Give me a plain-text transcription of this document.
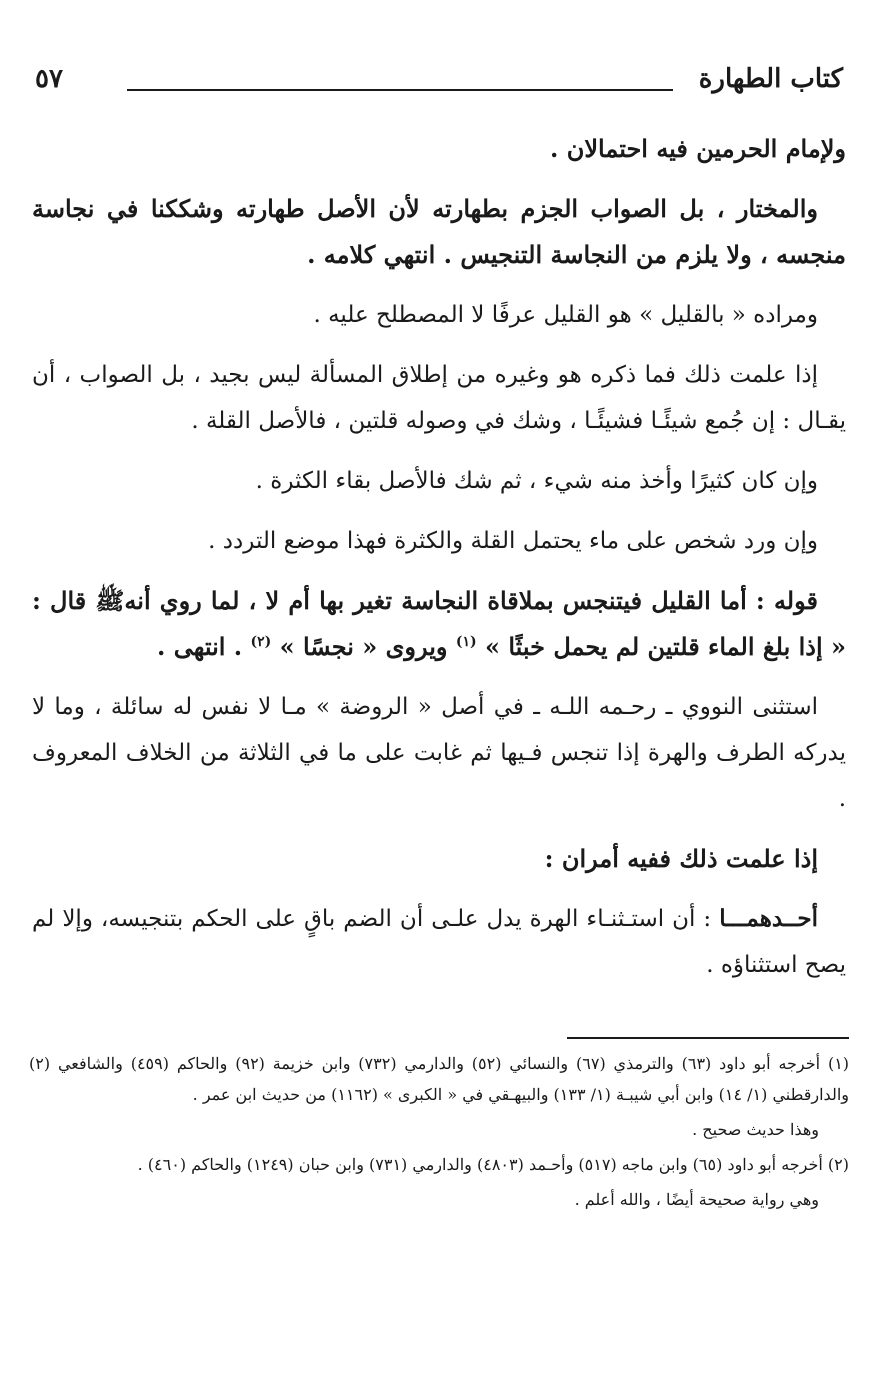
كتاب الطهارة
٥٧

ولإمام الحرمين فيه احتمالان .

والمختار ، بل الصواب الجزم بطهارته لأن الأصل طهارته وشككنا في نجاسة منجسه ، ولا يلزم من النجاسة التنجيس . انتهي كلامه .

ومراده « بالقليل » هو القليل عرفًا لا المصطلح عليه .

إذا علمت ذلك فما ذكره هو وغيره من إطلاق المسألة ليس بجيد ، بل الصواب ، أن يقـال : إن جُمع شيئًـا فشيئًـا ، وشك في وصوله قلتين ، فالأصل القلة .

وإن كان كثيرًا وأخذ منه شيء ، ثم شك فالأصل بقاء الكثرة .

وإن ورد شخص على ماء يحتمل القلة والكثرة فهذا موضع التردد .

قوله : أما القليل فيتنجس بملاقاة النجاسة تغير بها أم لا ، لما روي أنهﷺ قال : « إذا بلغ الماء قلتين لم يحمل خبثًا » $^{(١)}$ ويروى « نجسًا » $^{(٢)}$ . انتهى .

استثنى النووي ـ رحـمه اللـه ـ في أصل « الروضة » مـا لا نفس له سائلة ، وما لا يدركه الطرف والهرة إذا تنجس فـيها ثم غابت على ما في الثلاثة من الخلاف المعروف .

إذا علمت ذلك ففيه أمران :

أحــدهمـــا : أن استـثنـاء الهرة يدل علـى أن الضم باقٍ على الحكم بتنجيسه، وإلا لم يصح استثناؤه .

(١) أخرجه أبو داود (٦٣) والترمذي (٦٧) والنسائي (٥٢) والدارمي (٧٣٢) وابن خزيمة (٩٢) والحاكم (٤٥٩) والشافعي (٢) والدارقطني (١/ ١٤) وابن أبي شيبـة (١/ ١٣٣) والبيهـقي في « الكبرى » (١١٦٢) من حديث ابن عمر .

وهذا حديث صحيح .

(٢) أخرجه أبو داود (٦٥) وابن ماجه (٥١٧) وأحـمد (٤٨٠٣) والدارمي (٧٣١) وابن حبان (١٢٤٩) والحاكم (٤٦٠) .

وهي رواية صحيحة أيضًا ، والله أعلم .
